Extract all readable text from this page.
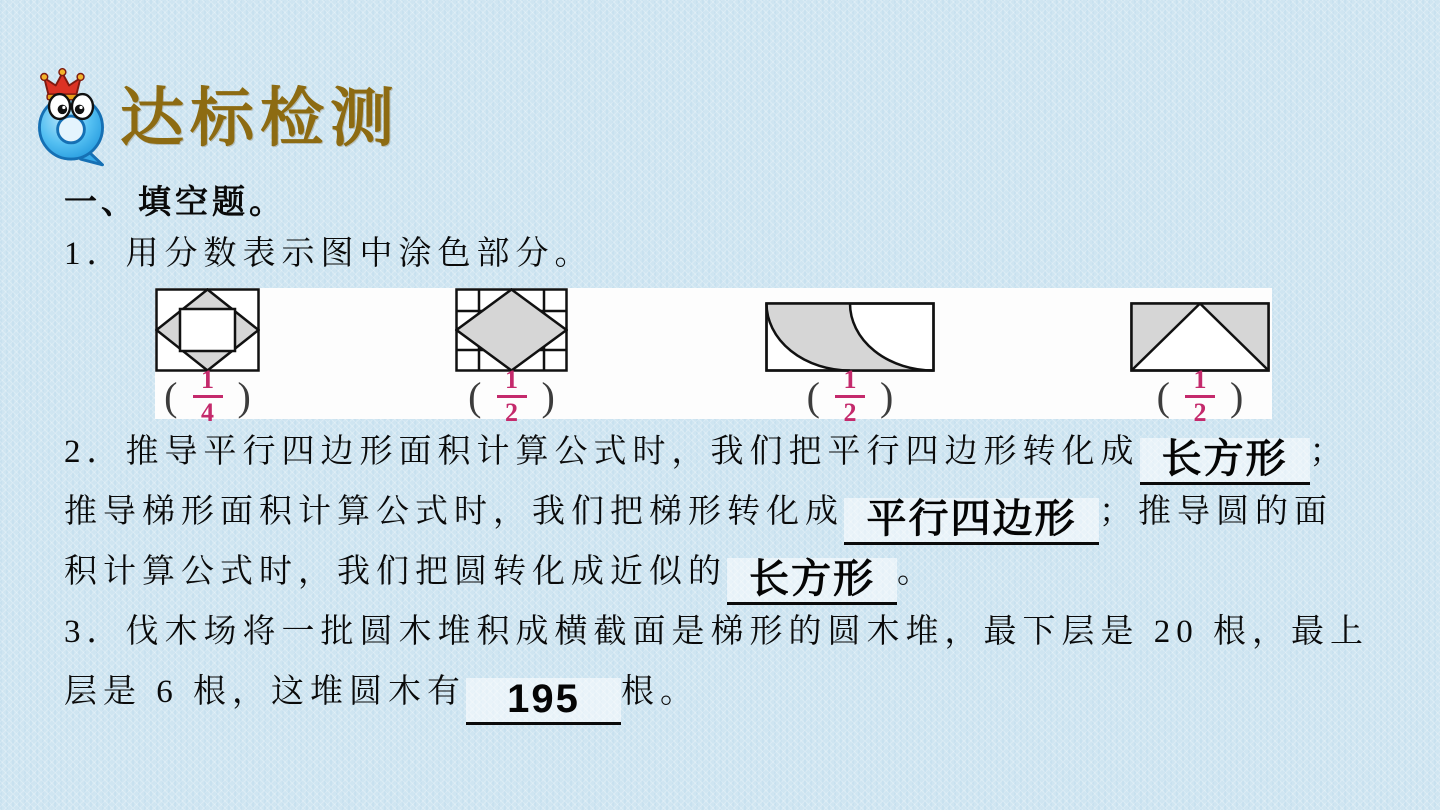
达标检测
一、填空题。
1．用分数表示图中涂色部分。
( $\frac{1}{4}$ )	( $\frac{1}{2}$ )	( $\frac{1}{2}$ )	( $\frac{1}{2}$ )
2．推导平行四边形面积计算公式时，我们把平行四边形转化成 长方形 ；
推导梯形面积计算公式时，我们把梯形转化成 平行四边形 ；推导圆的面
积计算公式时，我们把圆转化成近似的 长方形 。
3．伐木场将一批圆木堆积成横截面是梯形的圆木堆，最下层是 20 根，最上
层是 6 根，这堆圆木有 195 根。
